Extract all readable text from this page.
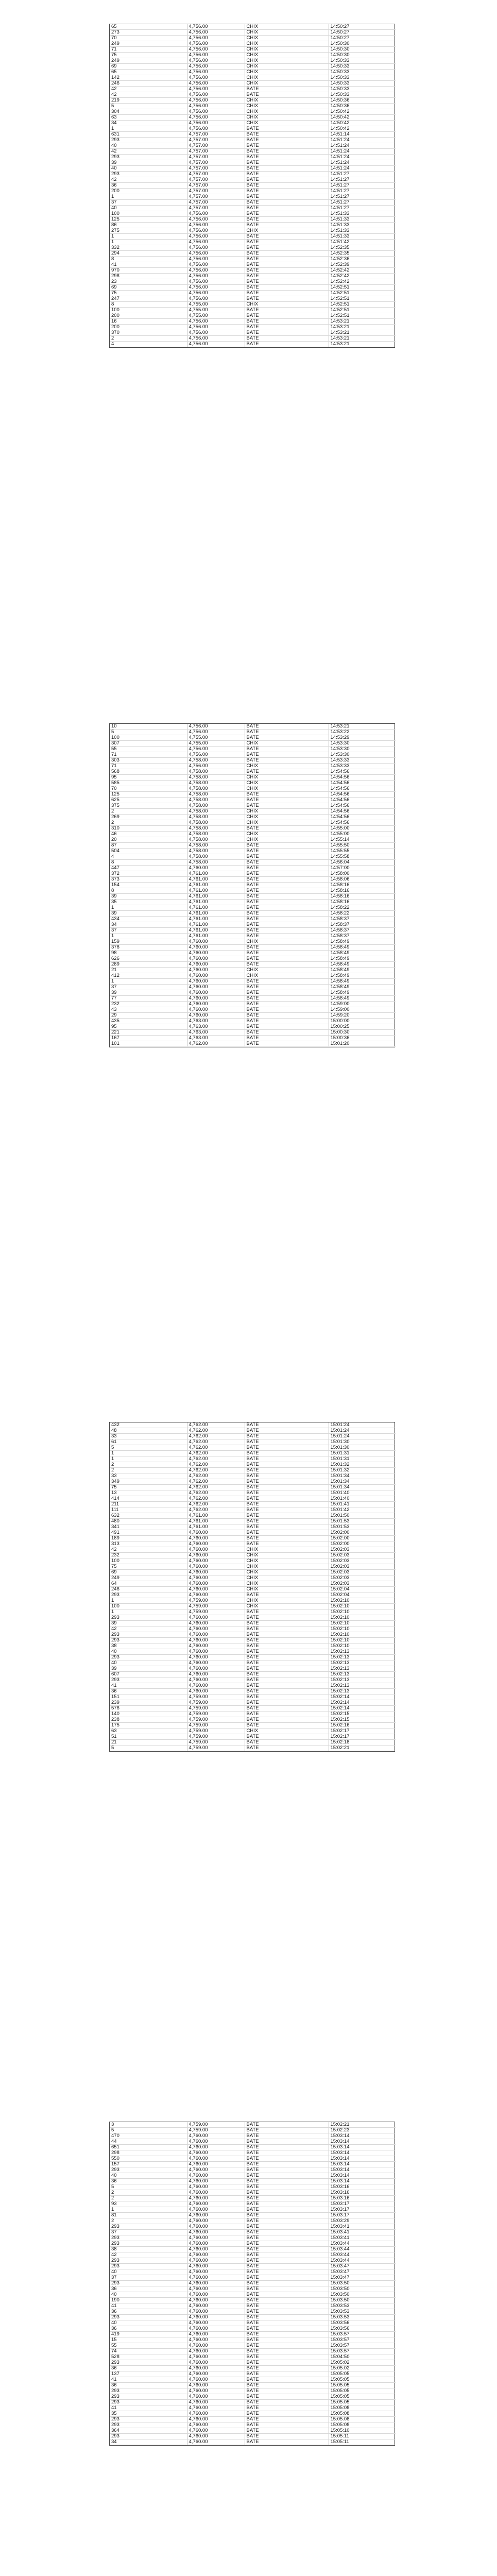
65	4,756.00	CHIX	14:50:27
273	4,756.00	CHIX	14:50:27
70	4,756.00	CHIX	14:50:27
249	4,756.00	CHIX	14:50:30
71	4,756.00	CHIX	14:50:30
75	4,756.00	CHIX	14:50:30
249	4,756.00	CHIX	14:50:33
69	4,756.00	CHIX	14:50:33
65	4,756.00	CHIX	14:50:33
142	4,756.00	CHIX	14:50:33
246	4,756.00	CHIX	14:50:33
42	4,756.00	BATE	14:50:33
42	4,756.00	BATE	14:50:33
219	4,756.00	CHIX	14:50:36
5	4,756.00	CHIX	14:50:36
304	4,756.00	CHIX	14:50:42
63	4,756.00	CHIX	14:50:42
34	4,756.00	CHIX	14:50:42
1	4,756.00	BATE	14:50:42
631	4,757.00	BATE	14:51:14
293	4,757.00	BATE	14:51:24
40	4,757.00	BATE	14:51:24
42	4,757.00	BATE	14:51:24
293	4,757.00	BATE	14:51:24
39	4,757.00	BATE	14:51:24
40	4,757.00	BATE	14:51:24
293	4,757.00	BATE	14:51:27
42	4,757.00	BATE	14:51:27
36	4,757.00	BATE	14:51:27
200	4,757.00	BATE	14:51:27
1	4,757.00	BATE	14:51:27
37	4,757.00	BATE	14:51:27
40	4,757.00	BATE	14:51:27
100	4,756.00	BATE	14:51:33
125	4,756.00	BATE	14:51:33
86	4,756.00	BATE	14:51:33
275	4,756.00	CHIX	14:51:33
1	4,756.00	BATE	14:51:33
1	4,756.00	BATE	14:51:42
332	4,756.00	BATE	14:52:35
294	4,756.00	BATE	14:52:35
8	4,756.00	BATE	14:52:36
41	4,756.00	BATE	14:52:39
970	4,756.00	BATE	14:52:42
298	4,756.00	BATE	14:52:42
23	4,756.00	BATE	14:52:42
69	4,756.00	BATE	14:52:51
75	4,756.00	BATE	14:52:51
247	4,756.00	BATE	14:52:51
8	4,755.00	CHIX	14:52:51
100	4,755.00	BATE	14:52:51
200	4,755.00	BATE	14:52:51
16	4,756.00	BATE	14:53:21
200	4,756.00	BATE	14:53:21
370	4,756.00	BATE	14:53:21
2	4,756.00	BATE	14:53:21
4	4,756.00	BATE	14:53:21
10	4,756.00	BATE	14:53:21
5	4,756.00	BATE	14:53:22
100	4,755.00	BATE	14:53:29
307	4,755.00	CHIX	14:53:30
55	4,756.00	BATE	14:53:30
71	4,756.00	BATE	14:53:30
303	4,758.00	BATE	14:53:33
71	4,756.00	CHIX	14:53:33
568	4,758.00	BATE	14:54:56
95	4,758.00	CHIX	14:54:56
585	4,758.00	CHIX	14:54:56
70	4,758.00	CHIX	14:54:56
125	4,758.00	BATE	14:54:56
625	4,758.00	BATE	14:54:56
375	4,758.00	BATE	14:54:56
2	4,758.00	CHIX	14:54:56
269	4,758.00	CHIX	14:54:56
2	4,758.00	CHIX	14:54:56
310	4,758.00	BATE	14:55:00
46	4,758.00	CHIX	14:55:00
20	4,758.00	CHIX	14:55:14
87	4,758.00	BATE	14:55:50
504	4,758.00	BATE	14:55:55
4	4,758.00	BATE	14:55:58
8	4,758.00	BATE	14:56:04
447	4,760.00	BATE	14:57:00
372	4,761.00	BATE	14:58:00
373	4,761.00	BATE	14:58:06
154	4,761.00	BATE	14:58:16
8	4,761.00	BATE	14:58:16
39	4,761.00	BATE	14:58:16
35	4,761.00	BATE	14:58:16
1	4,761.00	BATE	14:58:22
39	4,761.00	BATE	14:58:22
434	4,761.00	BATE	14:58:37
34	4,761.00	BATE	14:58:37
37	4,761.00	BATE	14:58:37
1	4,761.00	BATE	14:58:37
159	4,760.00	CHIX	14:58:49
378	4,760.00	BATE	14:58:49
98	4,760.00	BATE	14:58:49
626	4,760.00	BATE	14:58:49
289	4,760.00	BATE	14:58:49
21	4,760.00	CHIX	14:58:49
412	4,760.00	CHIX	14:58:49
1	4,760.00	BATE	14:58:49
37	4,760.00	BATE	14:58:49
39	4,760.00	BATE	14:58:49
77	4,760.00	BATE	14:58:49
232	4,760.00	BATE	14:59:00
43	4,760.00	BATE	14:59:00
29	4,760.00	BATE	14:59:20
435	4,763.00	BATE	15:00:00
95	4,763.00	BATE	15:00:25
221	4,763.00	BATE	15:00:30
167	4,763.00	BATE	15:00:36
101	4,762.00	BATE	15:01:20
432	4,762.00	BATE	15:01:24
48	4,762.00	BATE	15:01:24
33	4,762.00	BATE	15:01:24
61	4,762.00	BATE	15:01:30
5	4,762.00	BATE	15:01:30
1	4,762.00	BATE	15:01:31
1	4,762.00	BATE	15:01:31
2	4,762.00	BATE	15:01:32
2	4,762.00	BATE	15:01:32
33	4,762.00	BATE	15:01:34
349	4,762.00	BATE	15:01:34
75	4,762.00	BATE	15:01:34
13	4,762.00	BATE	15:01:40
414	4,762.00	BATE	15:01:40
211	4,762.00	BATE	15:01:41
111	4,762.00	BATE	15:01:42
632	4,761.00	BATE	15:01:50
480	4,761.00	BATE	15:01:53
341	4,761.00	BATE	15:01:53
491	4,760.00	BATE	15:02:00
189	4,760.00	BATE	15:02:00
313	4,760.00	BATE	15:02:00
42	4,760.00	CHIX	15:02:03
232	4,760.00	CHIX	15:02:03
100	4,760.00	CHIX	15:02:03
75	4,760.00	CHIX	15:02:03
69	4,760.00	CHIX	15:02:03
249	4,760.00	CHIX	15:02:03
64	4,760.00	CHIX	15:02:03
246	4,760.00	CHIX	15:02:04
293	4,760.00	BATE	15:02:04
1	4,759.00	CHIX	15:02:10
100	4,759.00	CHIX	15:02:10
1	4,759.00	BATE	15:02:10
293	4,760.00	BATE	15:02:10
39	4,760.00	BATE	15:02:10
42	4,760.00	BATE	15:02:10
293	4,760.00	BATE	15:02:10
293	4,760.00	BATE	15:02:10
38	4,760.00	BATE	15:02:10
40	4,760.00	BATE	15:02:13
293	4,760.00	BATE	15:02:13
40	4,760.00	BATE	15:02:13
39	4,760.00	BATE	15:02:13
607	4,760.00	BATE	15:02:13
293	4,760.00	BATE	15:02:13
41	4,760.00	BATE	15:02:13
36	4,760.00	BATE	15:02:13
151	4,759.00	BATE	15:02:14
239	4,759.00	BATE	15:02:14
576	4,759.00	BATE	15:02:14
140	4,759.00	BATE	15:02:15
238	4,759.00	BATE	15:02:15
175	4,759.00	BATE	15:02:16
63	4,759.00	CHIX	15:02:17
51	4,759.00	BATE	15:02:17
21	4,759.00	BATE	15:02:18
5	4,759.00	BATE	15:02:21
3	4,759.00	BATE	15:02:21
5	4,759.00	BATE	15:02:23
470	4,760.00	BATE	15:03:14
44	4,760.00	BATE	15:03:14
651	4,760.00	BATE	15:03:14
298	4,760.00	BATE	15:03:14
550	4,760.00	BATE	15:03:14
157	4,760.00	BATE	15:03:14
293	4,760.00	BATE	15:03:14
40	4,760.00	BATE	15:03:14
36	4,760.00	BATE	15:03:14
5	4,760.00	BATE	15:03:16
2	4,760.00	BATE	15:03:16
2	4,760.00	BATE	15:03:16
93	4,760.00	BATE	15:03:17
1	4,760.00	BATE	15:03:17
81	4,760.00	BATE	15:03:17
2	4,760.00	BATE	15:03:29
293	4,760.00	BATE	15:03:41
37	4,760.00	BATE	15:03:41
293	4,760.00	BATE	15:03:41
293	4,760.00	BATE	15:03:44
38	4,760.00	BATE	15:03:44
42	4,760.00	BATE	15:03:44
293	4,760.00	BATE	15:03:44
293	4,760.00	BATE	15:03:47
40	4,760.00	BATE	15:03:47
37	4,760.00	BATE	15:03:47
293	4,760.00	BATE	15:03:50
36	4,760.00	BATE	15:03:50
40	4,760.00	BATE	15:03:50
190	4,760.00	BATE	15:03:50
41	4,760.00	BATE	15:03:53
36	4,760.00	BATE	15:03:53
293	4,760.00	BATE	15:03:53
40	4,760.00	BATE	15:03:56
36	4,760.00	BATE	15:03:56
419	4,760.00	BATE	15:03:57
15	4,760.00	BATE	15:03:57
55	4,760.00	BATE	15:03:57
74	4,760.00	BATE	15:03:57
528	4,760.00	BATE	15:04:50
293	4,760.00	BATE	15:05:02
36	4,760.00	BATE	15:05:02
137	4,760.00	BATE	15:05:05
41	4,760.00	BATE	15:05:05
36	4,760.00	BATE	15:05:05
293	4,760.00	BATE	15:05:05
293	4,760.00	BATE	15:05:05
293	4,760.00	BATE	15:05:05
41	4,760.00	BATE	15:05:08
35	4,760.00	BATE	15:05:08
293	4,760.00	BATE	15:05:08
293	4,760.00	BATE	15:05:08
364	4,760.00	BATE	15:05:10
293	4,760.00	BATE	15:05:11
34	4,760.00	BATE	15:05:11
